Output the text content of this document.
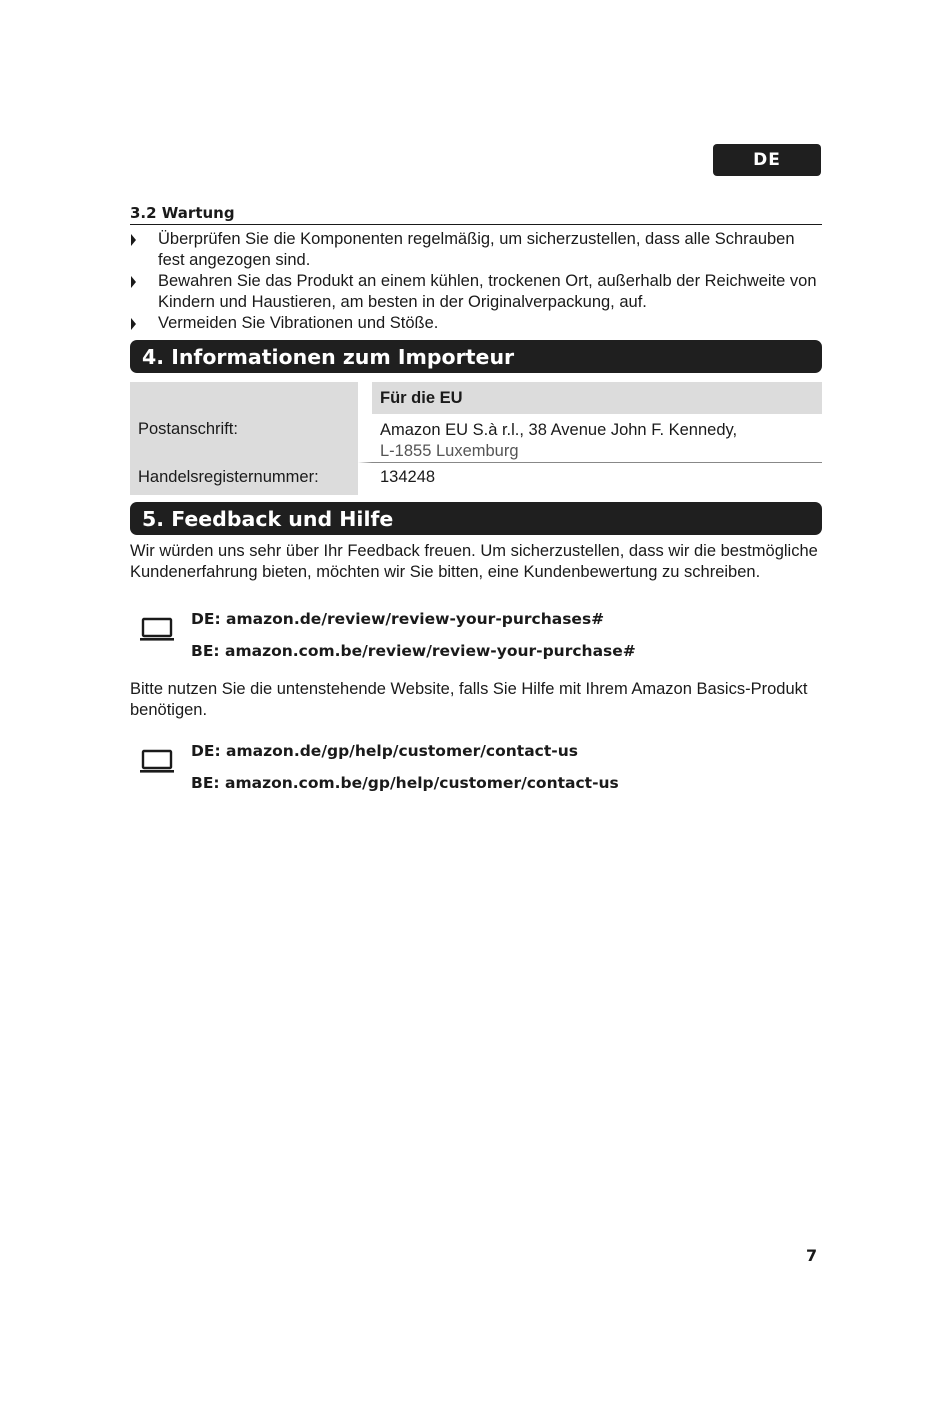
DE
3.2 Wartung
Überprüfen Sie die Komponenten regelmäßig, um sicherzustellen, dass alle Schrauben fest angezogen sind.
Bewahren Sie das Produkt an einem kühlen, trockenen Ort, außerhalb der Reichweite von Kindern und Haustieren, am besten in der Originalverpackung, auf.
Vermeiden Sie Vibrationen und Stöße.
4. Informationen zum Importeur
	Für die EU
Postanschrift:	Amazon EU S.à r.l., 38 Avenue John F. Kennedy,
L-1855 Luxemburg

Handelsregisternummer:	134248
5. Feedback und Hilfe

Wir würden uns sehr über Ihr Feedback freuen. Um sicherzustellen, dass wir die bestmögliche Kundenerfahrung bieten, möchten wir Sie bitten, eine Kundenbewertung zu schreiben.

DE: amazon.de/review/review-your-purchases#
BE: amazon.com.be/review/review-your-purchase#

Bitte nutzen Sie die untenstehende Website, falls Sie Hilfe mit Ihrem Amazon Basics-Produkt benötigen.

DE: amazon.de/gp/help/customer/contact-us
BE: amazon.com.be/gp/help/customer/contact-us
7
